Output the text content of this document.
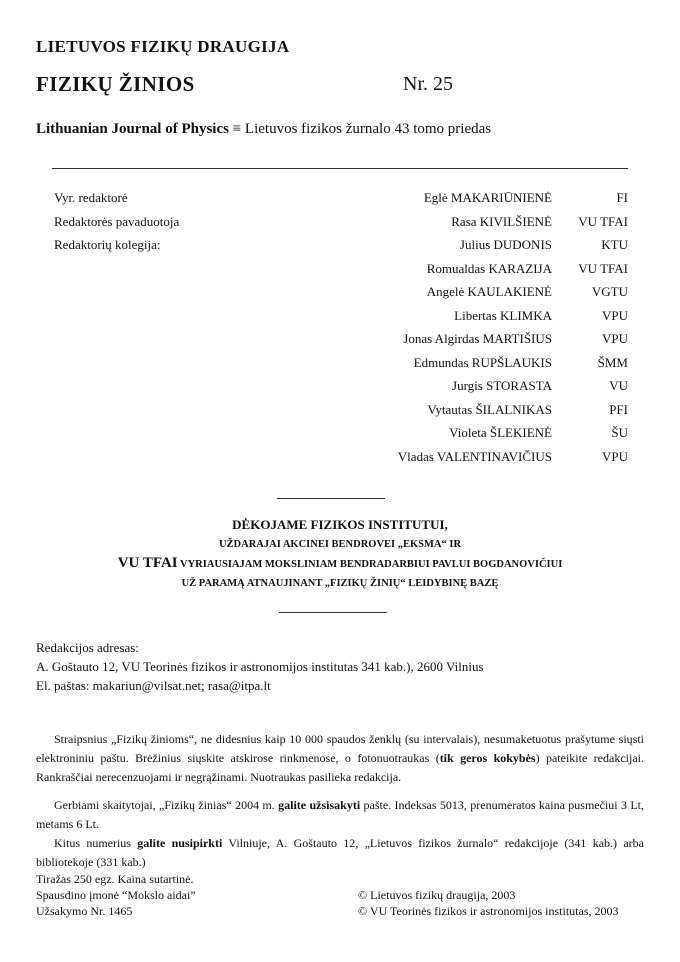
LIETUVOS FIZIKŲ DRAUGIJA
FIZIKŲ ŽINIOS	Nr. 25
Lithuanian Journal of Physics ≡ Lietuvos fizikos žurnalo 43 tomo priedas
Vyr. redaktorė	Eglė MAKARIŪNIENĖ	FI
Redaktorės pavaduotoja	Rasa KIVILŠIENĖ VU TFAI
Redaktorių kolegija:	Julius DUDONIS	KTU
Romualdas KARAZIJA VU TFAI
Angelė KAULAKIENĖ	VGTU
Libertas KLIMKA	VPU
Jonas Algirdas MARTIŠIUS	VPU
Edmundas RUPŠLAUKIS	ŠMM
Jurgis STORASTA	VU
Vytautas ŠILALNIKAS	PFI
Violeta ŠLEKIENĖ	ŠU
Vladas VALENTINAVIČIUS	VPU
DĖKOJAME FIZIKOS INSTITUTUI,
UŽDARAJAI AKCINEI BENDROVEI „EKSMA“ IR
VU TFAI VYRIAUSIAJAM MOKSLINIAM BENDRADARBIUI PAVLUI BOGDANOVIČIUI
UŽ PARAMĄ ATNAUJINANT „FIZIKŲ ŽINIŲ“ LEIDYBINĘ BAZĘ
Redakcijos adresas:
A. Goštauto 12, VU Teorinės fizikos ir astronomijos institutas 341 kab.), 2600 Vilnius
El. paštas: makariun@vilsat.net; rasa@itpa.lt
Straipsnius „Fizikų žinioms“, ne didesnius kaip 10 000 spaudos ženklų (su intervalais), nesumaketuotus prašytume siųsti elektroniniu paštu. Brėžinius siųskite atskirose rinkmenose, o fotonuotraukas (tik geros kokybės) pateikite redakcijai. Rankraščiai nerecenzuojami ir negrąžinami. Nuotraukas pasilieka redakcija.
Gerbiami skaitytojai, „Fizikų žinias“ 2004 m. galite užsisakyti pašte. Indeksas 5013, prenumeratos kaina pusmečiui 3 Lt, metams 6 Lt.
Kitus numerius galite nusipirkti Vilniuje, A. Goštauto 12, „Lietuvos fizikos žurnalo“ redakcijoje (341 kab.) arba bibliotekoje (331 kab.)
Tiražas 250 egz. Kaina sutartinė.
Spausdino įmonė “Mokslo aidai”
Užsakymo Nr. 1465
© Lietuvos fizikų draugija, 2003
© VU Teorinės fizikos ir astronomijos institutas, 2003
